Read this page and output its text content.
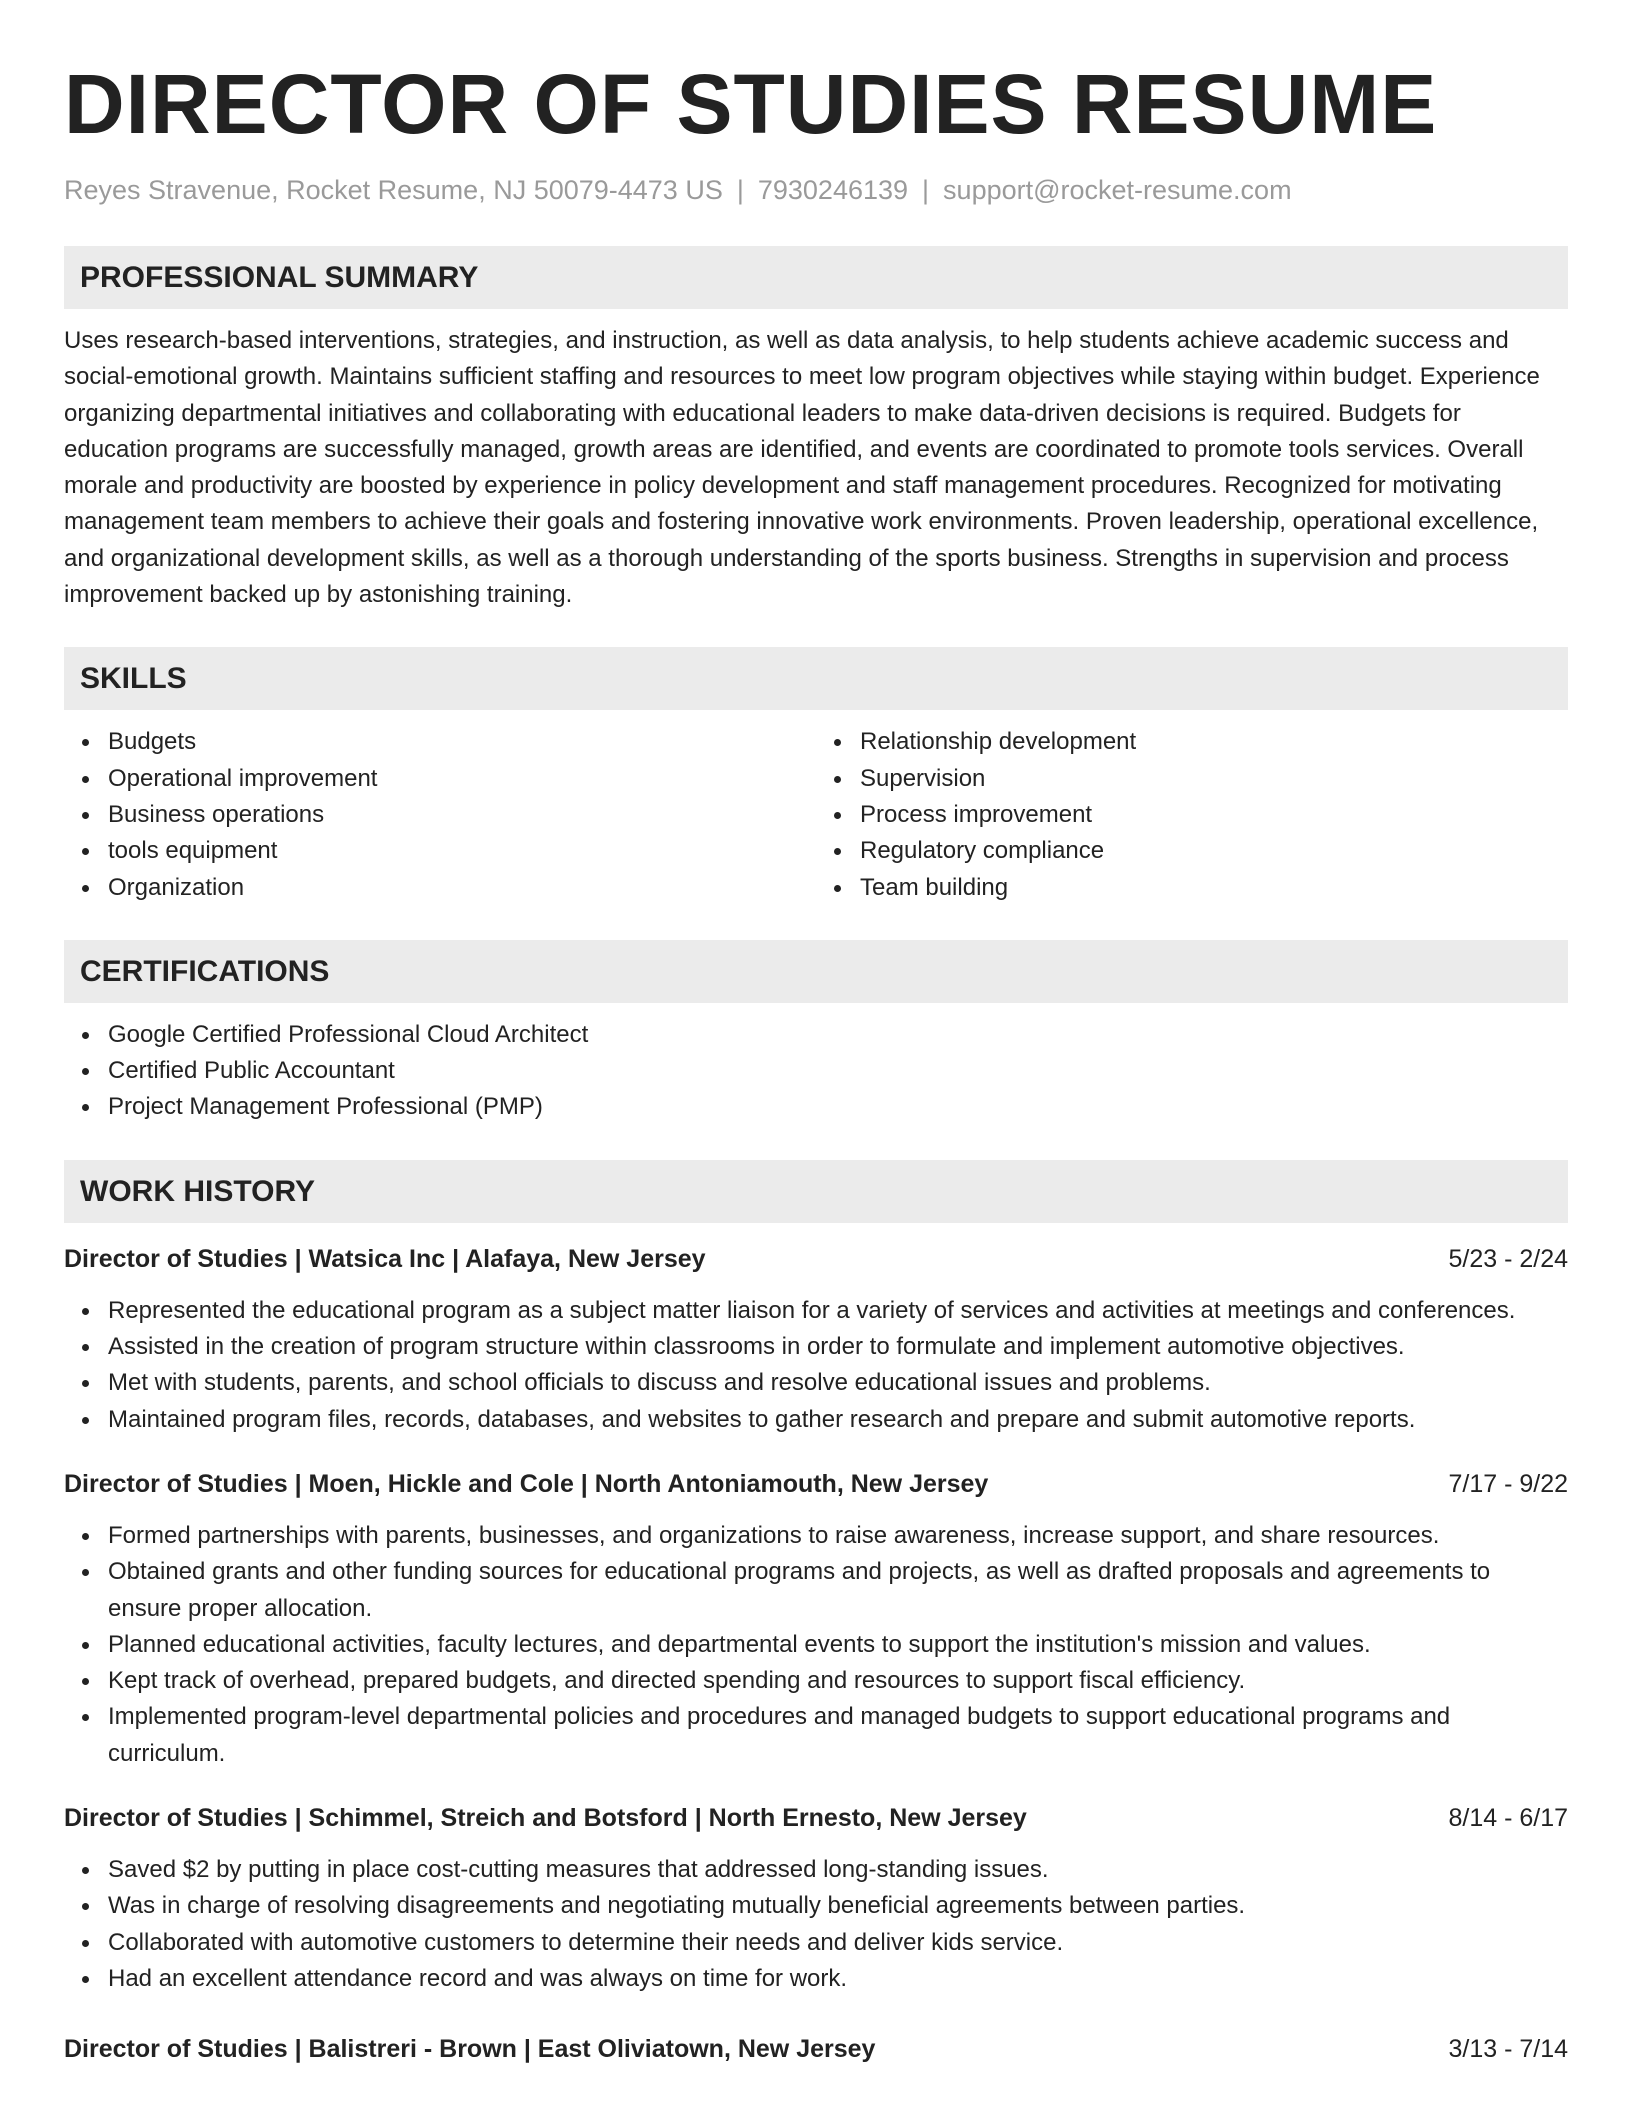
DIRECTOR OF STUDIES RESUME
Reyes Stravenue, Rocket Resume, NJ 50079-4473 US | 7930246139 | support@rocket-resume.com
PROFESSIONAL SUMMARY

Uses research-based interventions, strategies, and instruction, as well as data analysis, to help students achieve academic success and social-emotional growth. Maintains sufficient staffing and resources to meet low program objectives while staying within budget. Experience organizing departmental initiatives and collaborating with educational leaders to make data-driven decisions is required. Budgets for education programs are successfully managed, growth areas are identified, and events are coordinated to promote tools services. Overall morale and productivity are boosted by experience in policy development and staff management procedures. Recognized for motivating management team members to achieve their goals and fostering innovative work environments. Proven leadership, operational excellence, and organizational development skills, as well as a thorough understanding of the sports business. Strengths in supervision and process improvement backed up by astonishing training.

SKILLS
Budgets
Operational improvement
Business operations
tools equipment
Organization
Relationship development
Supervision
Process improvement
Regulatory compliance
Team building
CERTIFICATIONS
Google Certified Professional Cloud Architect
Certified Public Accountant
Project Management Professional (PMP)
WORK HISTORY
Director of Studies | Watsica Inc | Alafaya, New Jersey	5/23 - 2/24
Represented the educational program as a subject matter liaison for a variety of services and activities at meetings and conferences.
Assisted in the creation of program structure within classrooms in order to formulate and implement automotive objectives.
Met with students, parents, and school officials to discuss and resolve educational issues and problems.
Maintained program files, records, databases, and websites to gather research and prepare and submit automotive reports.
Director of Studies | Moen, Hickle and Cole | North Antoniamouth, New Jersey	7/17 - 9/22
Formed partnerships with parents, businesses, and organizations to raise awareness, increase support, and share resources.
Obtained grants and other funding sources for educational programs and projects, as well as drafted proposals and agreements to ensure proper allocation.
Planned educational activities, faculty lectures, and departmental events to support the institution's mission and values.
Kept track of overhead, prepared budgets, and directed spending and resources to support fiscal efficiency.
Implemented program-level departmental policies and procedures and managed budgets to support educational programs and curriculum.
Director of Studies | Schimmel, Streich and Botsford | North Ernesto, New Jersey	8/14 - 6/17
Saved $2 by putting in place cost-cutting measures that addressed long-standing issues.
Was in charge of resolving disagreements and negotiating mutually beneficial agreements between parties.
Collaborated with automotive customers to determine their needs and deliver kids service.
Had an excellent attendance record and was always on time for work.
Director of Studies | Balistreri - Brown | East Oliviatown, New Jersey	3/13 - 7/14
